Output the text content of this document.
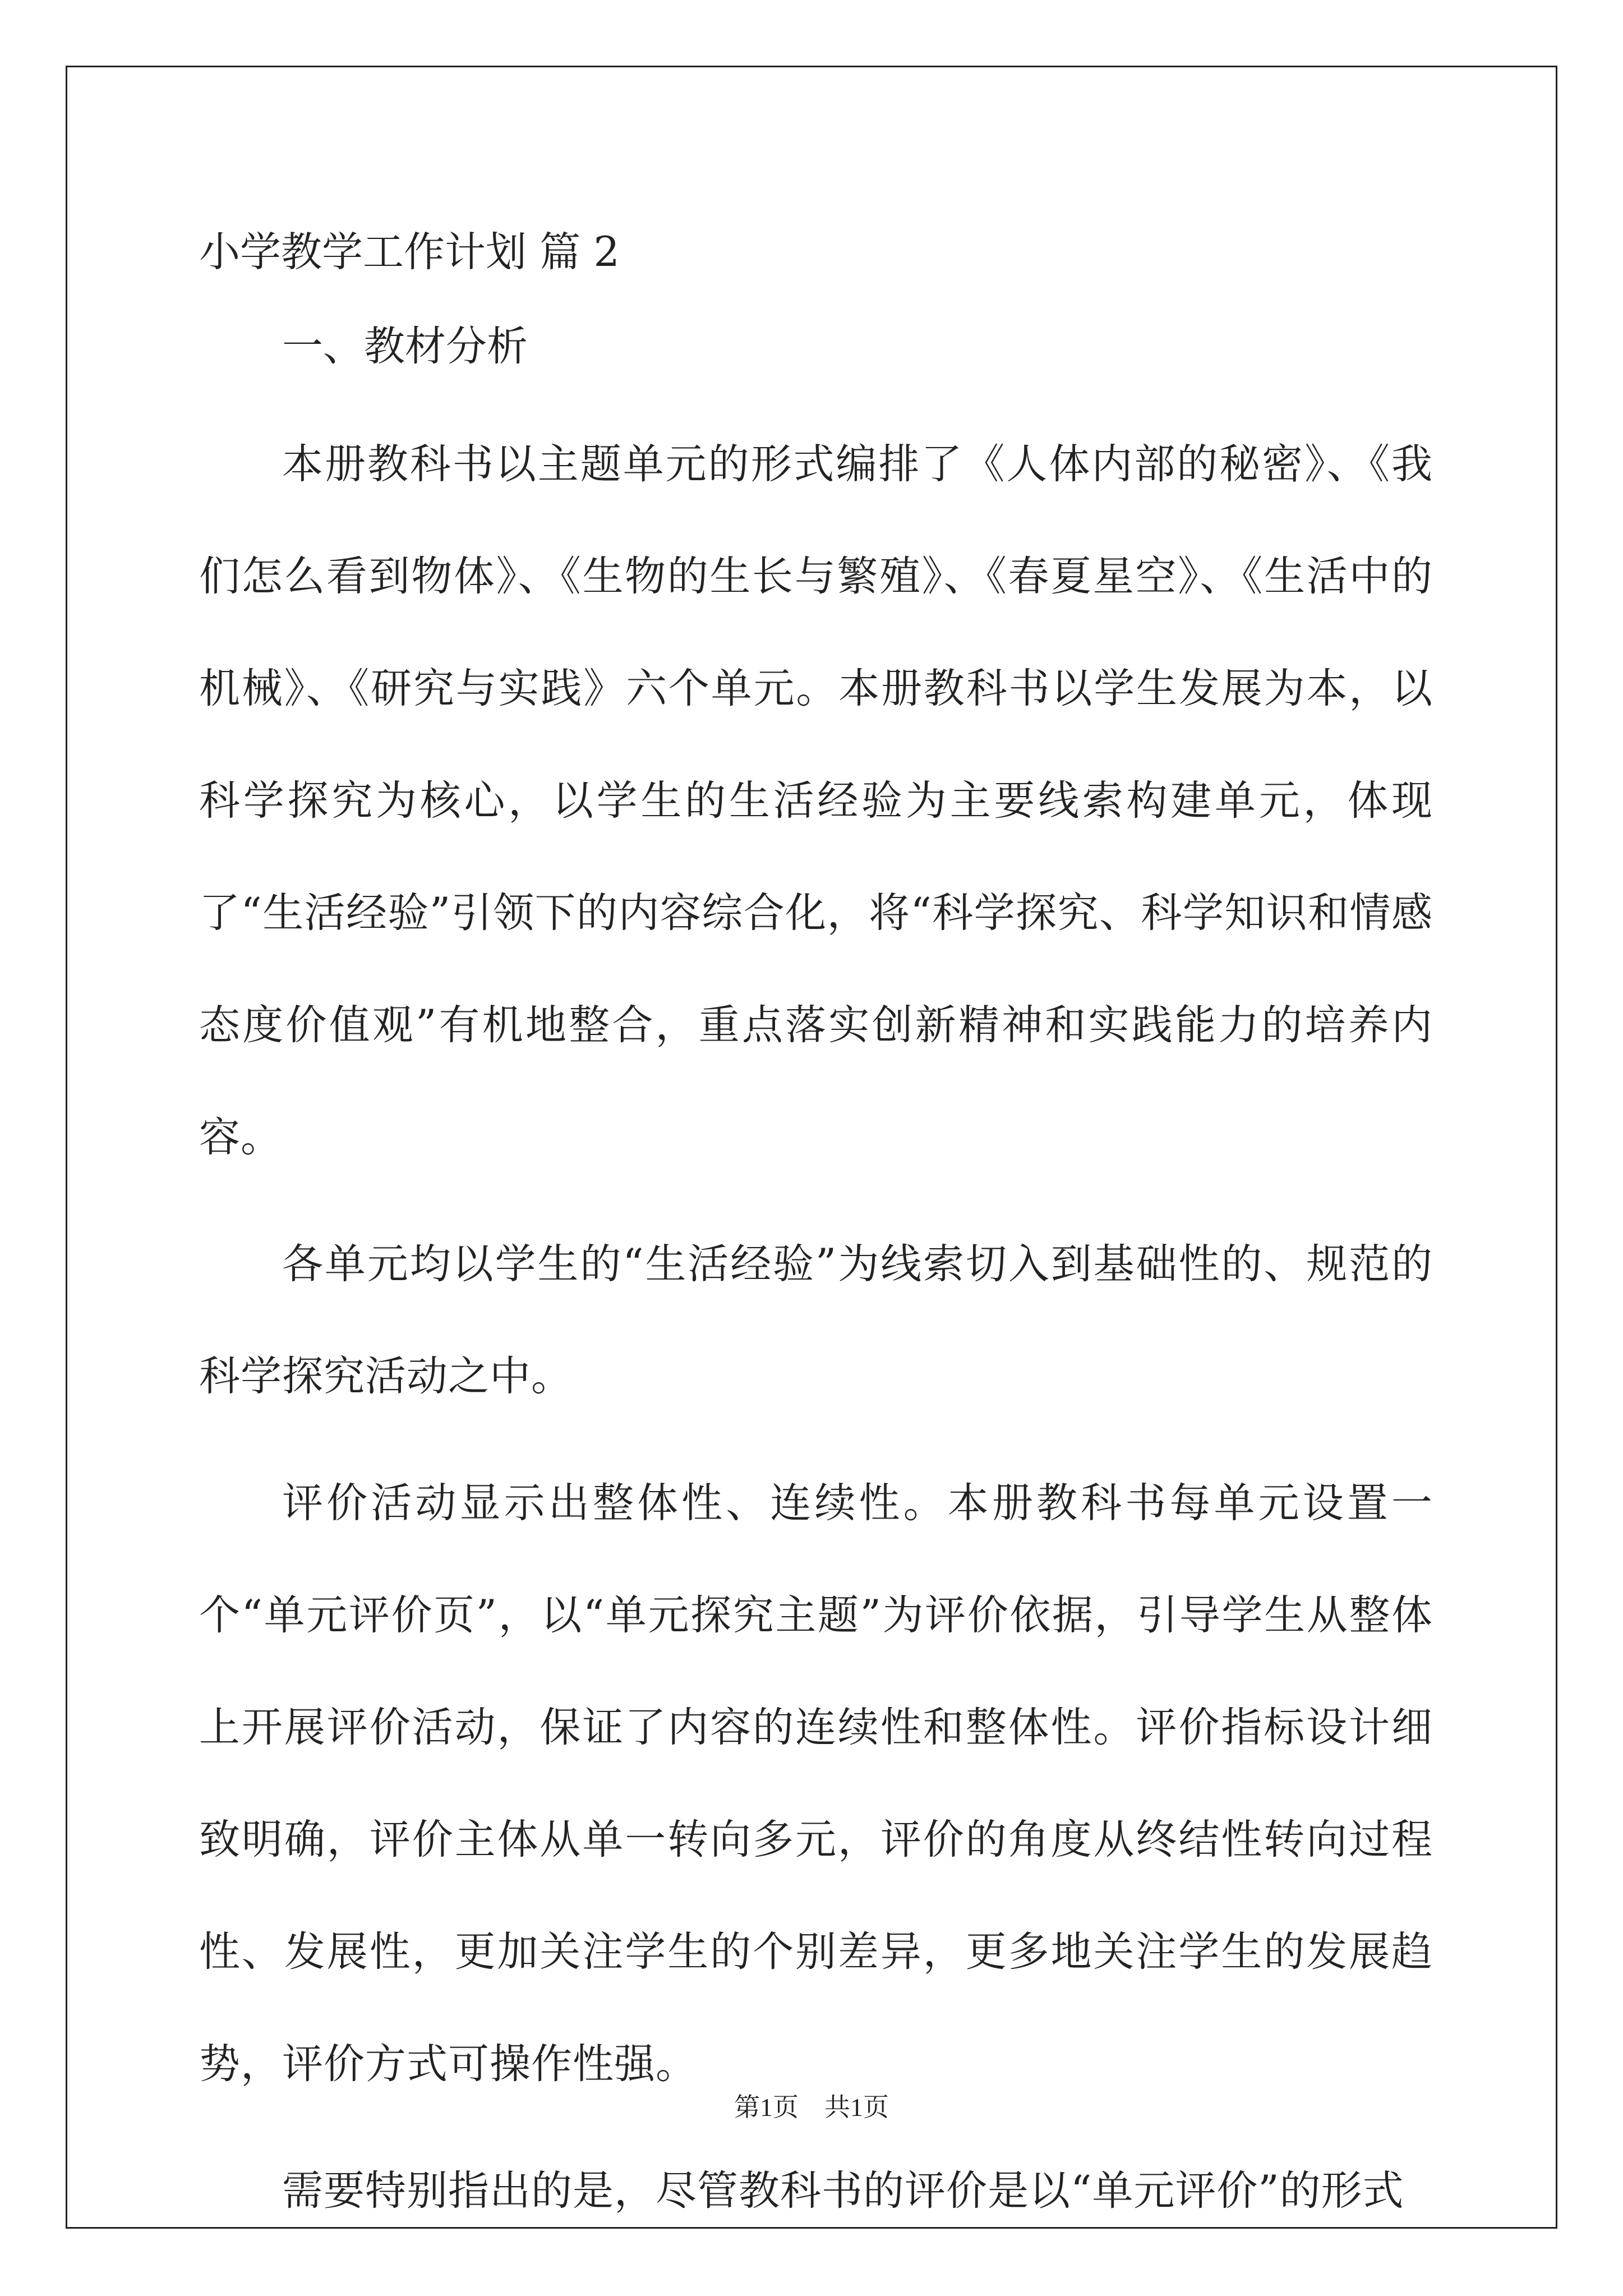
小学教学工作计划 篇 2
一、教材分析

本册教科书以主题单元的形式编排了《人体内部的秘密》、《我们怎么看到物体》、《生物的生长与繁殖》、《春夏星空》、《生活中的机械》、《研究与实践》六个单元。本册教科书以学生发展为本，以科学探究为核心，以学生的生活经验为主要线索构建单元，体现了“生活经验”引领下的内容综合化，将“科学探究、科学知识和情感态度价值观”有机地整合，重点落实创新精神和实践能力的培养内容。

各单元均以学生的“生活经验”为线索切入到基础性的、规范的科学探究活动之中。

评价活动显示出整体性、连续性。本册教科书每单元设置一个“单元评价页”，以“单元探究主题”为评价依据，引导学生从整体上开展评价活动，保证了内容的连续性和整体性。评价指标设计细致明确，评价主体从单一转向多元，评价的角度从终结性转向过程性、发展性，更加关注学生的个别差异，更多地关注学生的发展趋势，评价方式可操作性强。

需要特别指出的是，尽管教科书的评价是以“单元评价”的形式

第1页 共1页
